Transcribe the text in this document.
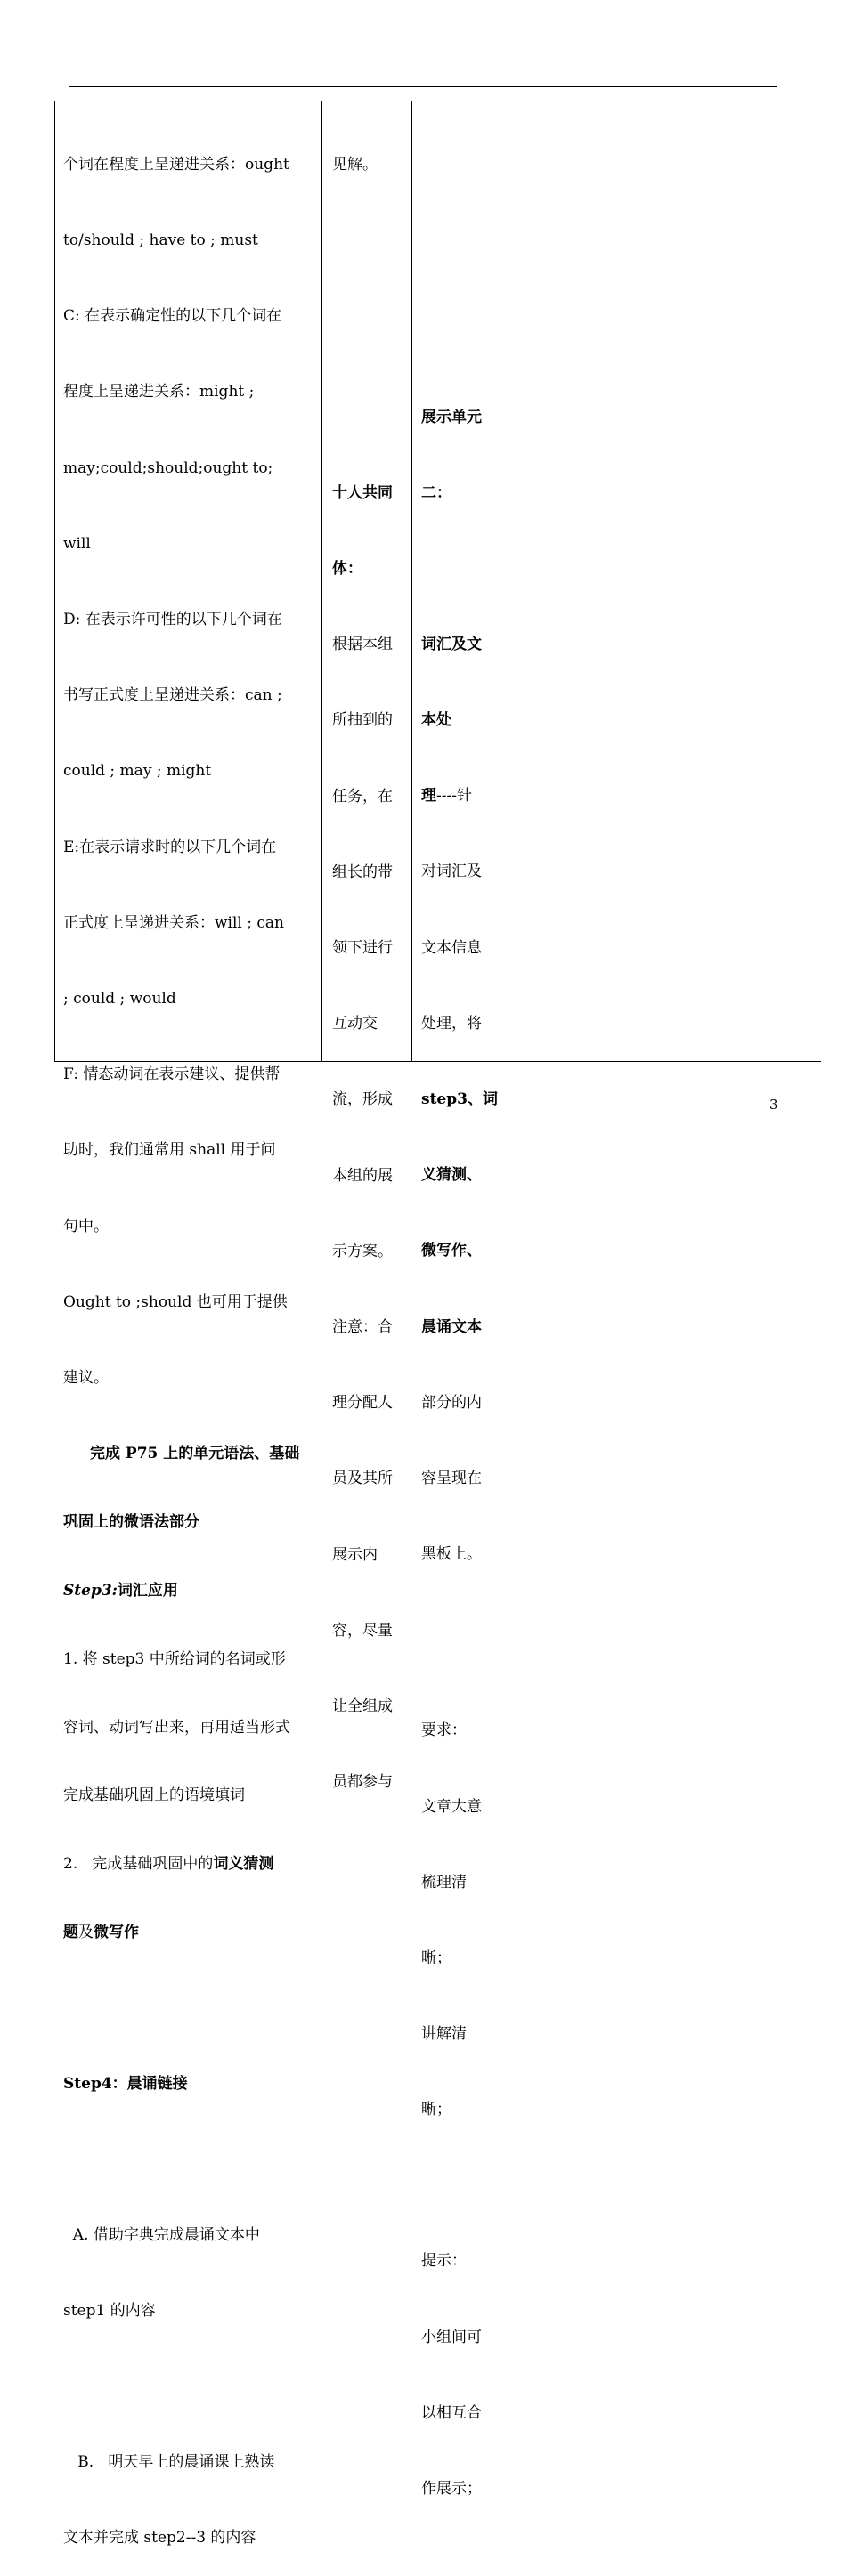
个词在程度上呈递进关系：ought

to/should ; have to ; must

C: 在表示确定性的以下几个词在

程度上呈递进关系：might ;

may;could;should;ought to;

will

D: 在表示许可性的以下几个词在

书写正式度上呈递进关系：can ;

could ; may ; might

E:在表示请求时的以下几个词在

正式度上呈递进关系：will ; can

; could ; would

F: 情态动词在表示建议、提供帮

助时，我们通常用 shall 用于问

句中。

Ought to ;should 也可用于提供

建议。

完成 P75 上的单元语法、基础

巩固上的微语法部分

Step3:词汇应用

1. 将 step3 中所给词的名词或形

容词、动词写出来，再用适当形式

完成基础巩固上的语境填词

2.   完成基础巩固中的词义猜测

题及微写作

Step4：晨诵链接

A. 借助字典完成晨诵文本中

step1 的内容

B.   明天早上的晨诵课上熟读

文本并完成 step2--3 的内容

见解。

十人共同

体：

根据本组

所抽到的

任务，在

组长的带

领下进行

互动交

流，形成

本组的展

示方案。

注意：合

理分配人

员及其所

展示内

容，尽量

让全组成

员都参与

展示单元

二：

词汇及文

本处

理----针

对词汇及

文本信息

处理，将

step3、词

义猜测、

微写作、

晨诵文本

部分的内

容呈现在

黑板上。

要求：

文章大意

梳理清

晰；

讲解清

晰；

提示：

小组间可

以相互合

作展示；

3
